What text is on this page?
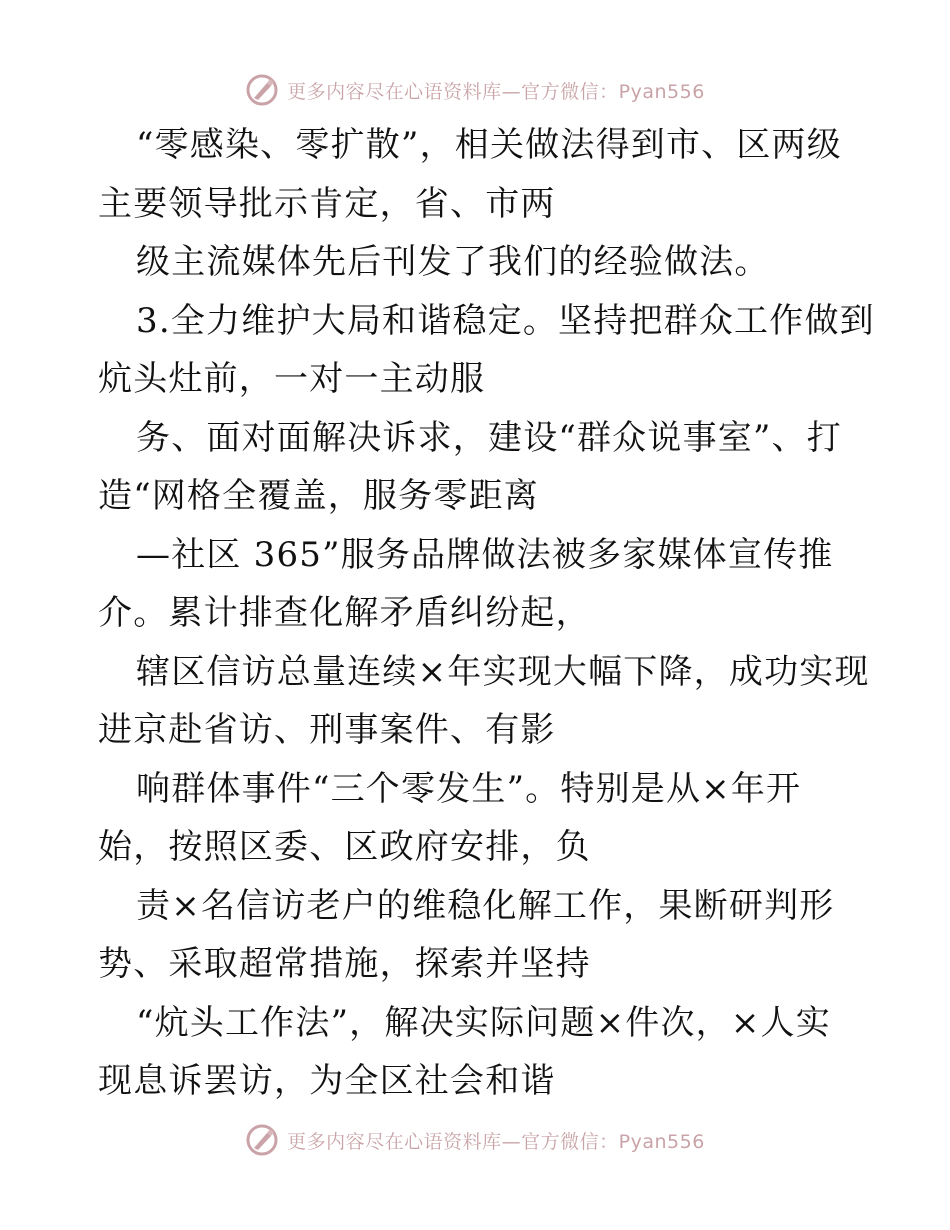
更多内容尽在心语资料库—官方微信：Pyan556
“零感染、零扩散”，相关做法得到市、区两级
主要领导批示肯定，省、市两
级主流媒体先后刊发了我们的经验做法。
3.全力维护大局和谐稳定。坚持把群众工作做到
炕头灶前，一对一主动服
务、面对面解决诉求，建设“群众说事室”、打
造“网格全覆盖，服务零距离
—社区 365”服务品牌做法被多家媒体宣传推
介。累计排查化解矛盾纠纷起，
辖区信访总量连续×年实现大幅下降，成功实现
进京赴省访、刑事案件、有影
响群体事件“三个零发生”。特别是从×年开
始，按照区委、区政府安排，负
责×名信访老户的维稳化解工作，果断研判形
势、采取超常措施，探索并坚持
“炕头工作法”，解决实际问题×件次，×人实
现息诉罢访，为全区社会和谐
更多内容尽在心语资料库—官方微信：Pyan556
